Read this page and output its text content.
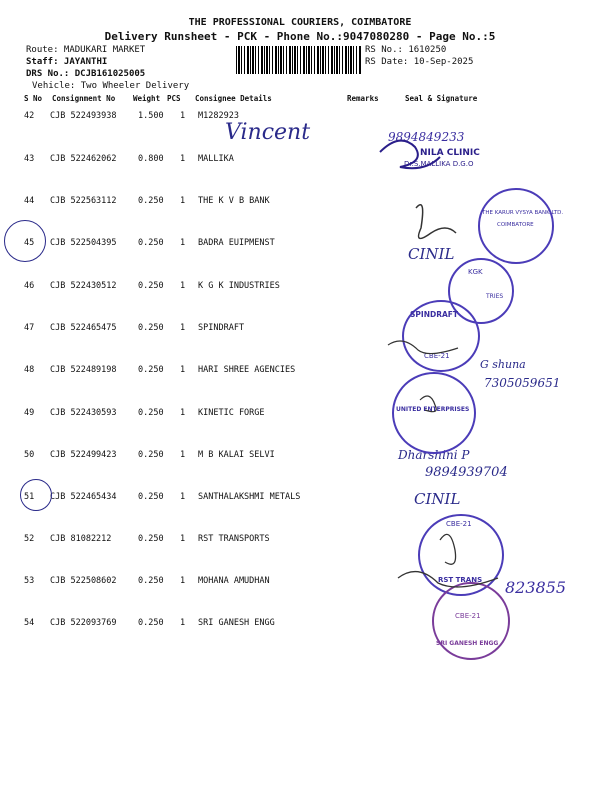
THE PROFESSIONAL COURIERS, COIMBATORE
Delivery Runsheet - PCK - Phone No.:9047080280 - Page No.:5
Route: MADUKARI MARKET
Staff: JAYANTHI
DRS No.: DCJB161025005
Vehicle: Two Wheeler Delivery
RS No.: 1610250
RS Date: 10-Sep-2025
S No Consignment No Weight PCS Consignee Details	Remarks	Seal & Signature
42 CJB 522493938	1.500 1 M1282923
43 CJB 522462062	0.800 1 MALLIKA
44 CJB 522563112	0.250 1 THE K V B BANK
45 CJB 522504395	0.250 1 BADRA EUIPMENST
46 CJB 522430512	0.250 1 K G K INDUSTRIES
47 CJB 522465475	0.250 1 SPINDRAFT
48 CJB 522489198	0.250 1 HARI SHREE AGENCIES
49 CJB 522430593	0.250 1 KINETIC FORGE
50 CJB 522499423	0.250 1 M B KALAI SELVI
51 CJB 522465434	0.250 1 SANTHALAKSHMI METALS
52 CJB 81082212	0.250 1 RST TRANSPORTS
53 CJB 522508602	0.250 1 MOHANA AMUDHAN
54 CJB 522093769	0.250 1 SRI GANESH ENGG
Vincent
CINIL
G shuna
7305059651
Dharshini P
9894939704
CINIL
9894849233
823855
NILA CLINIC
Dr.S.MALLIKA D.G.O
THE KARUR VYSYA BANK LTD.
COIMBATORE
KGK
TRIES
SPINDRAFT
CBE-21
UNITED ENTERPRISES
CBE-21
RST TRANS
SRI GANESH ENGG
CBE-21
